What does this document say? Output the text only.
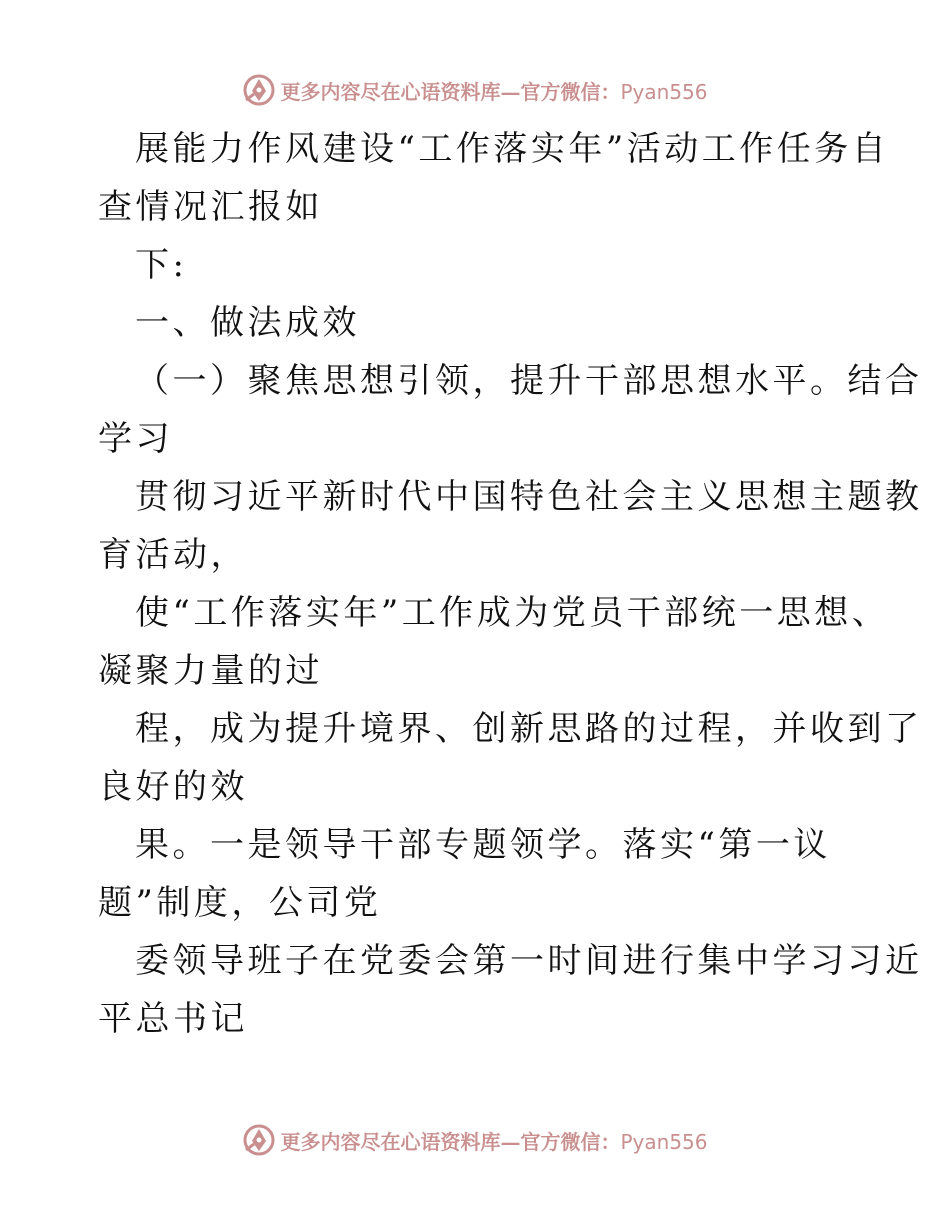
更多内容尽在心语资料库—官方微信：Pyan556
展能力作风建设“工作落实年”活动工作任务自
查情况汇报如
下:
一、做法成效
（一）聚焦思想引领，提升干部思想水平。结合
学习
贯彻习近平新时代中国特色社会主义思想主题教
育活动，
使“工作落实年”工作成为党员干部统一思想、
凝聚力量的过
程，成为提升境界、创新思路的过程，并收到了
良好的效
果。一是领导干部专题领学。落实“第一议
题”制度，公司党
委领导班子在党委会第一时间进行集中学习习近
平总书记
更多内容尽在心语资料库—官方微信：Pyan556
